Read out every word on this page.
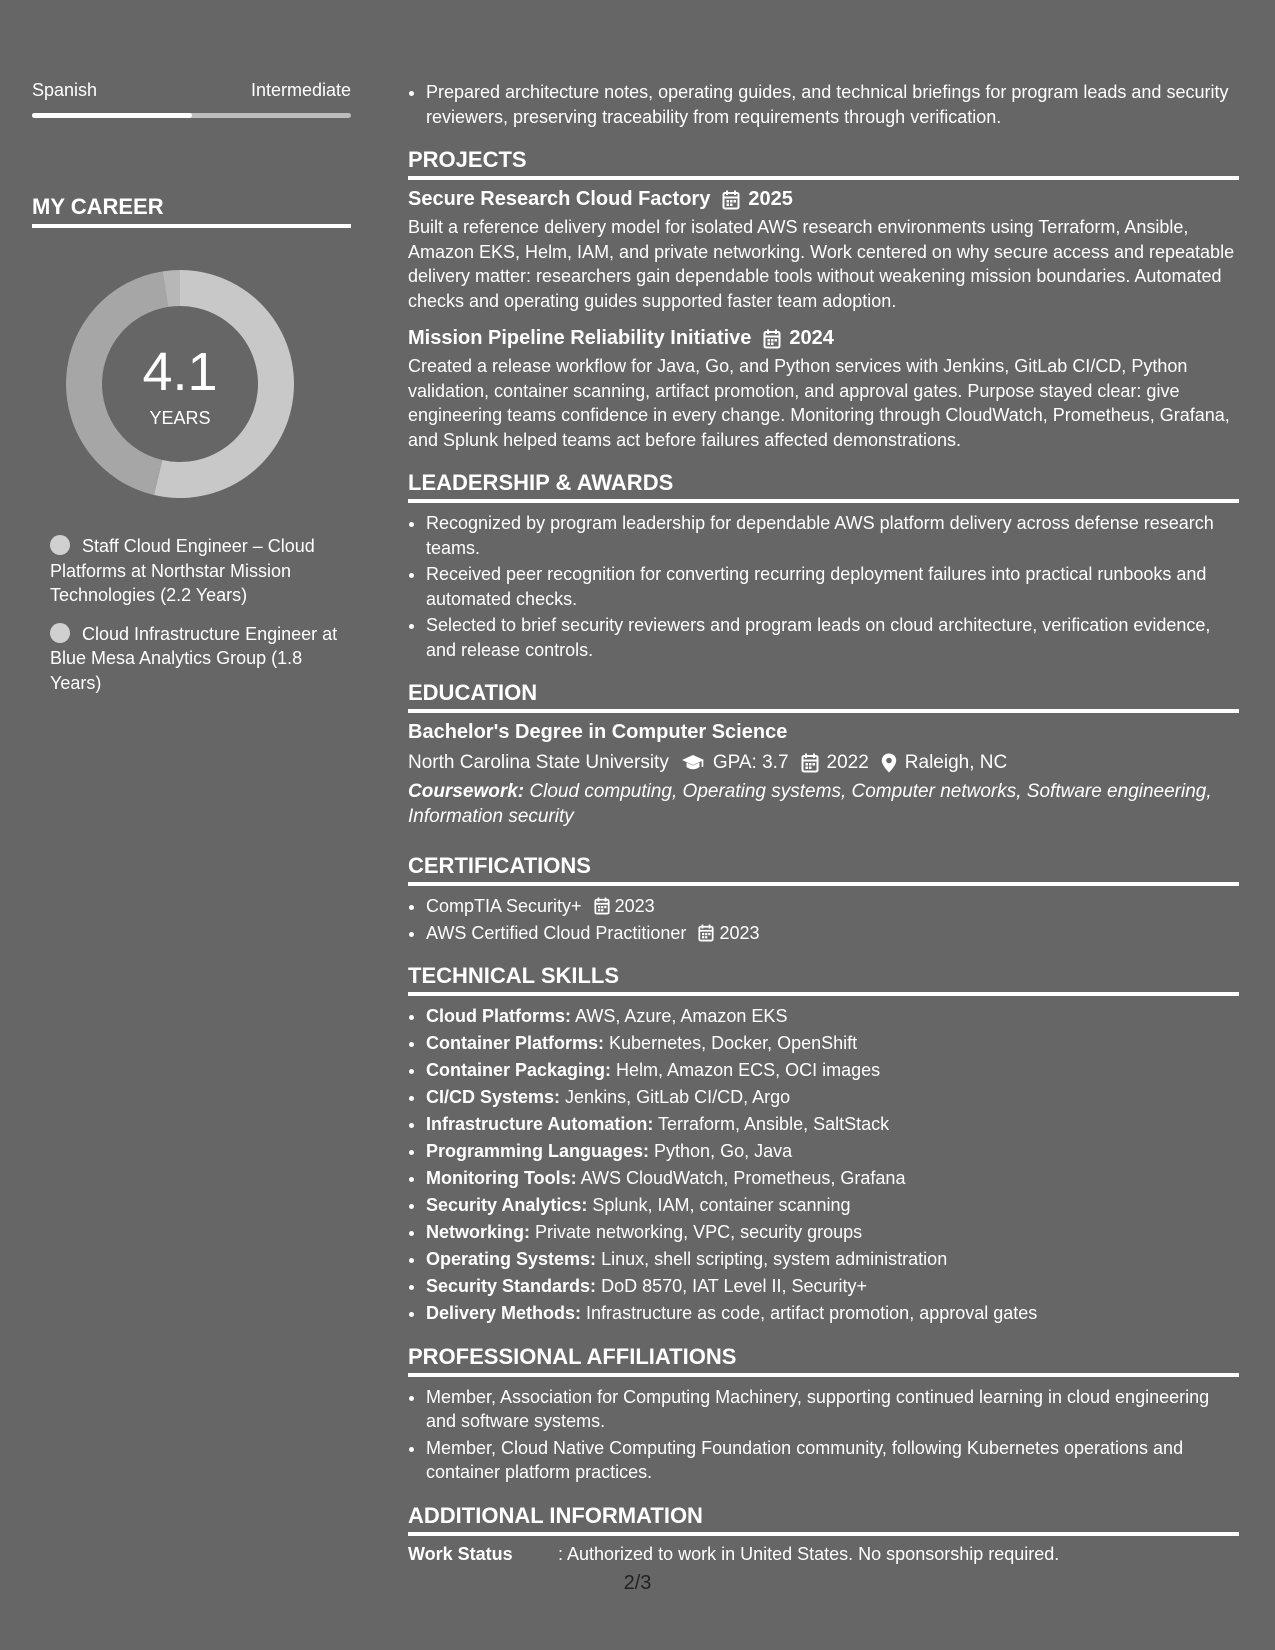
Spanish	Intermediate
MY CAREER
4.1
YEARS
Staff Cloud Engineer – Cloud Platforms at Northstar Mission Technologies (2.2 Years)
Cloud Infrastructure Engineer at Blue Mesa Analytics Group (1.8 Years)
• Prepared architecture notes, operating guides, and technical briefings for program leads and security reviewers, preserving traceability from requirements through verification.
PROJECTS
Secure Research Cloud Factory 2025
Built a reference delivery model for isolated AWS research environments using Terraform, Ansible, Amazon EKS, Helm, IAM, and private networking. Work centered on why secure access and repeatable delivery matter: researchers gain dependable tools without weakening mission boundaries. Automated checks and operating guides supported faster team adoption.
Mission Pipeline Reliability Initiative 2024
Created a release workflow for Java, Go, and Python services with Jenkins, GitLab CI/CD, Python validation, container scanning, artifact promotion, and approval gates. Purpose stayed clear: give engineering teams confidence in every change. Monitoring through CloudWatch, Prometheus, Grafana, and Splunk helped teams act before failures affected demonstrations.
LEADERSHIP & AWARDS
• Recognized by program leadership for dependable AWS platform delivery across defense research teams.
• Received peer recognition for converting recurring deployment failures into practical runbooks and automated checks.
• Selected to brief security reviewers and program leads on cloud architecture, verification evidence, and release controls.
EDUCATION
Bachelor's Degree in Computer Science
North Carolina State University GPA: 3.7 2022 Raleigh, NC
Coursework: Cloud computing, Operating systems, Computer networks, Software engineering, Information security
CERTIFICATIONS
• CompTIA Security+ 2023
• AWS Certified Cloud Practitioner 2023
TECHNICAL SKILLS
• Cloud Platforms: AWS, Azure, Amazon EKS
• Container Platforms: Kubernetes, Docker, OpenShift
• Container Packaging: Helm, Amazon ECS, OCI images
• CI/CD Systems: Jenkins, GitLab CI/CD, Argo
• Infrastructure Automation: Terraform, Ansible, SaltStack
• Programming Languages: Python, Go, Java
• Monitoring Tools: AWS CloudWatch, Prometheus, Grafana
• Security Analytics: Splunk, IAM, container scanning
• Networking: Private networking, VPC, security groups
• Operating Systems: Linux, shell scripting, system administration
• Security Standards: DoD 8570, IAT Level II, Security+
• Delivery Methods: Infrastructure as code, artifact promotion, approval gates
PROFESSIONAL AFFILIATIONS
• Member, Association for Computing Machinery, supporting continued learning in cloud engineering and software systems.
• Member, Cloud Native Computing Foundation community, following Kubernetes operations and container platform practices.
ADDITIONAL INFORMATION
Work Status	: Authorized to work in United States. No sponsorship required.
2/3
